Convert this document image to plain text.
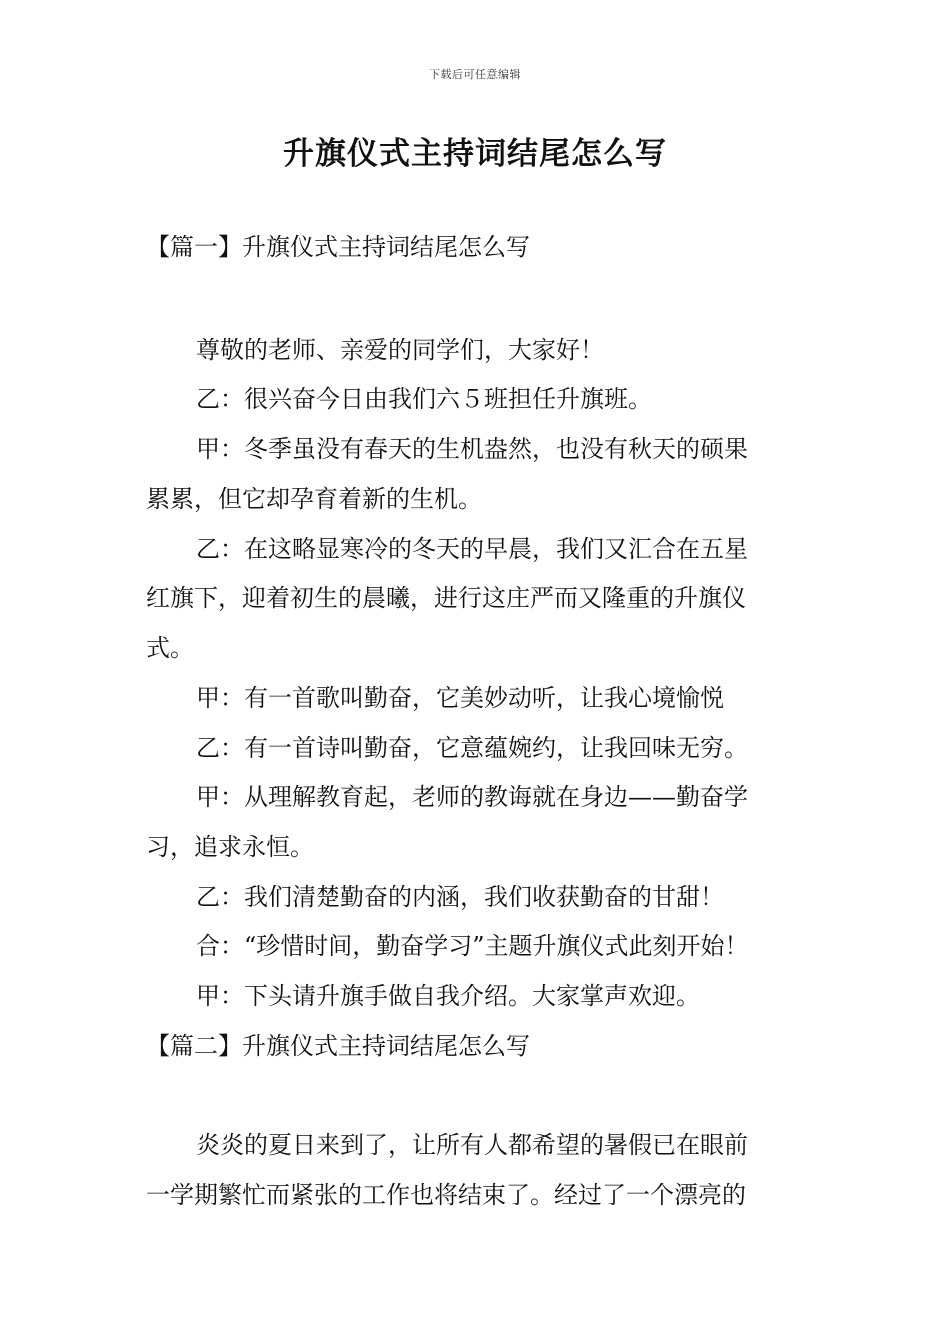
下载后可任意编辑
升旗仪式主持词结尾怎么写
【篇一】升旗仪式主持词结尾怎么写
尊敬的老师、亲爱的同学们，大家好！
乙：很兴奋今日由我们六５班担任升旗班。
甲：冬季虽没有春天的生机盎然，也没有秋天的硕果
累累，但它却孕育着新的生机。
乙：在这略显寒冷的冬天的早晨，我们又汇合在五星
红旗下，迎着初生的晨曦，进行这庄严而又隆重的升旗仪
式。
甲：有一首歌叫勤奋，它美妙动听，让我心境愉悦
乙：有一首诗叫勤奋，它意蕴婉约，让我回味无穷。
甲：从理解教育起，老师的教诲就在身边——勤奋学
习，追求永恒。
乙：我们清楚勤奋的内涵，我们收获勤奋的甘甜！
合：“珍惜时间，勤奋学习”主题升旗仪式此刻开始！
甲：下头请升旗手做自我介绍。大家掌声欢迎。
【篇二】升旗仪式主持词结尾怎么写
炎炎的夏日来到了，让所有人都希望的暑假已在眼前
一学期繁忙而紧张的工作也将结束了。经过了一个漂亮的
